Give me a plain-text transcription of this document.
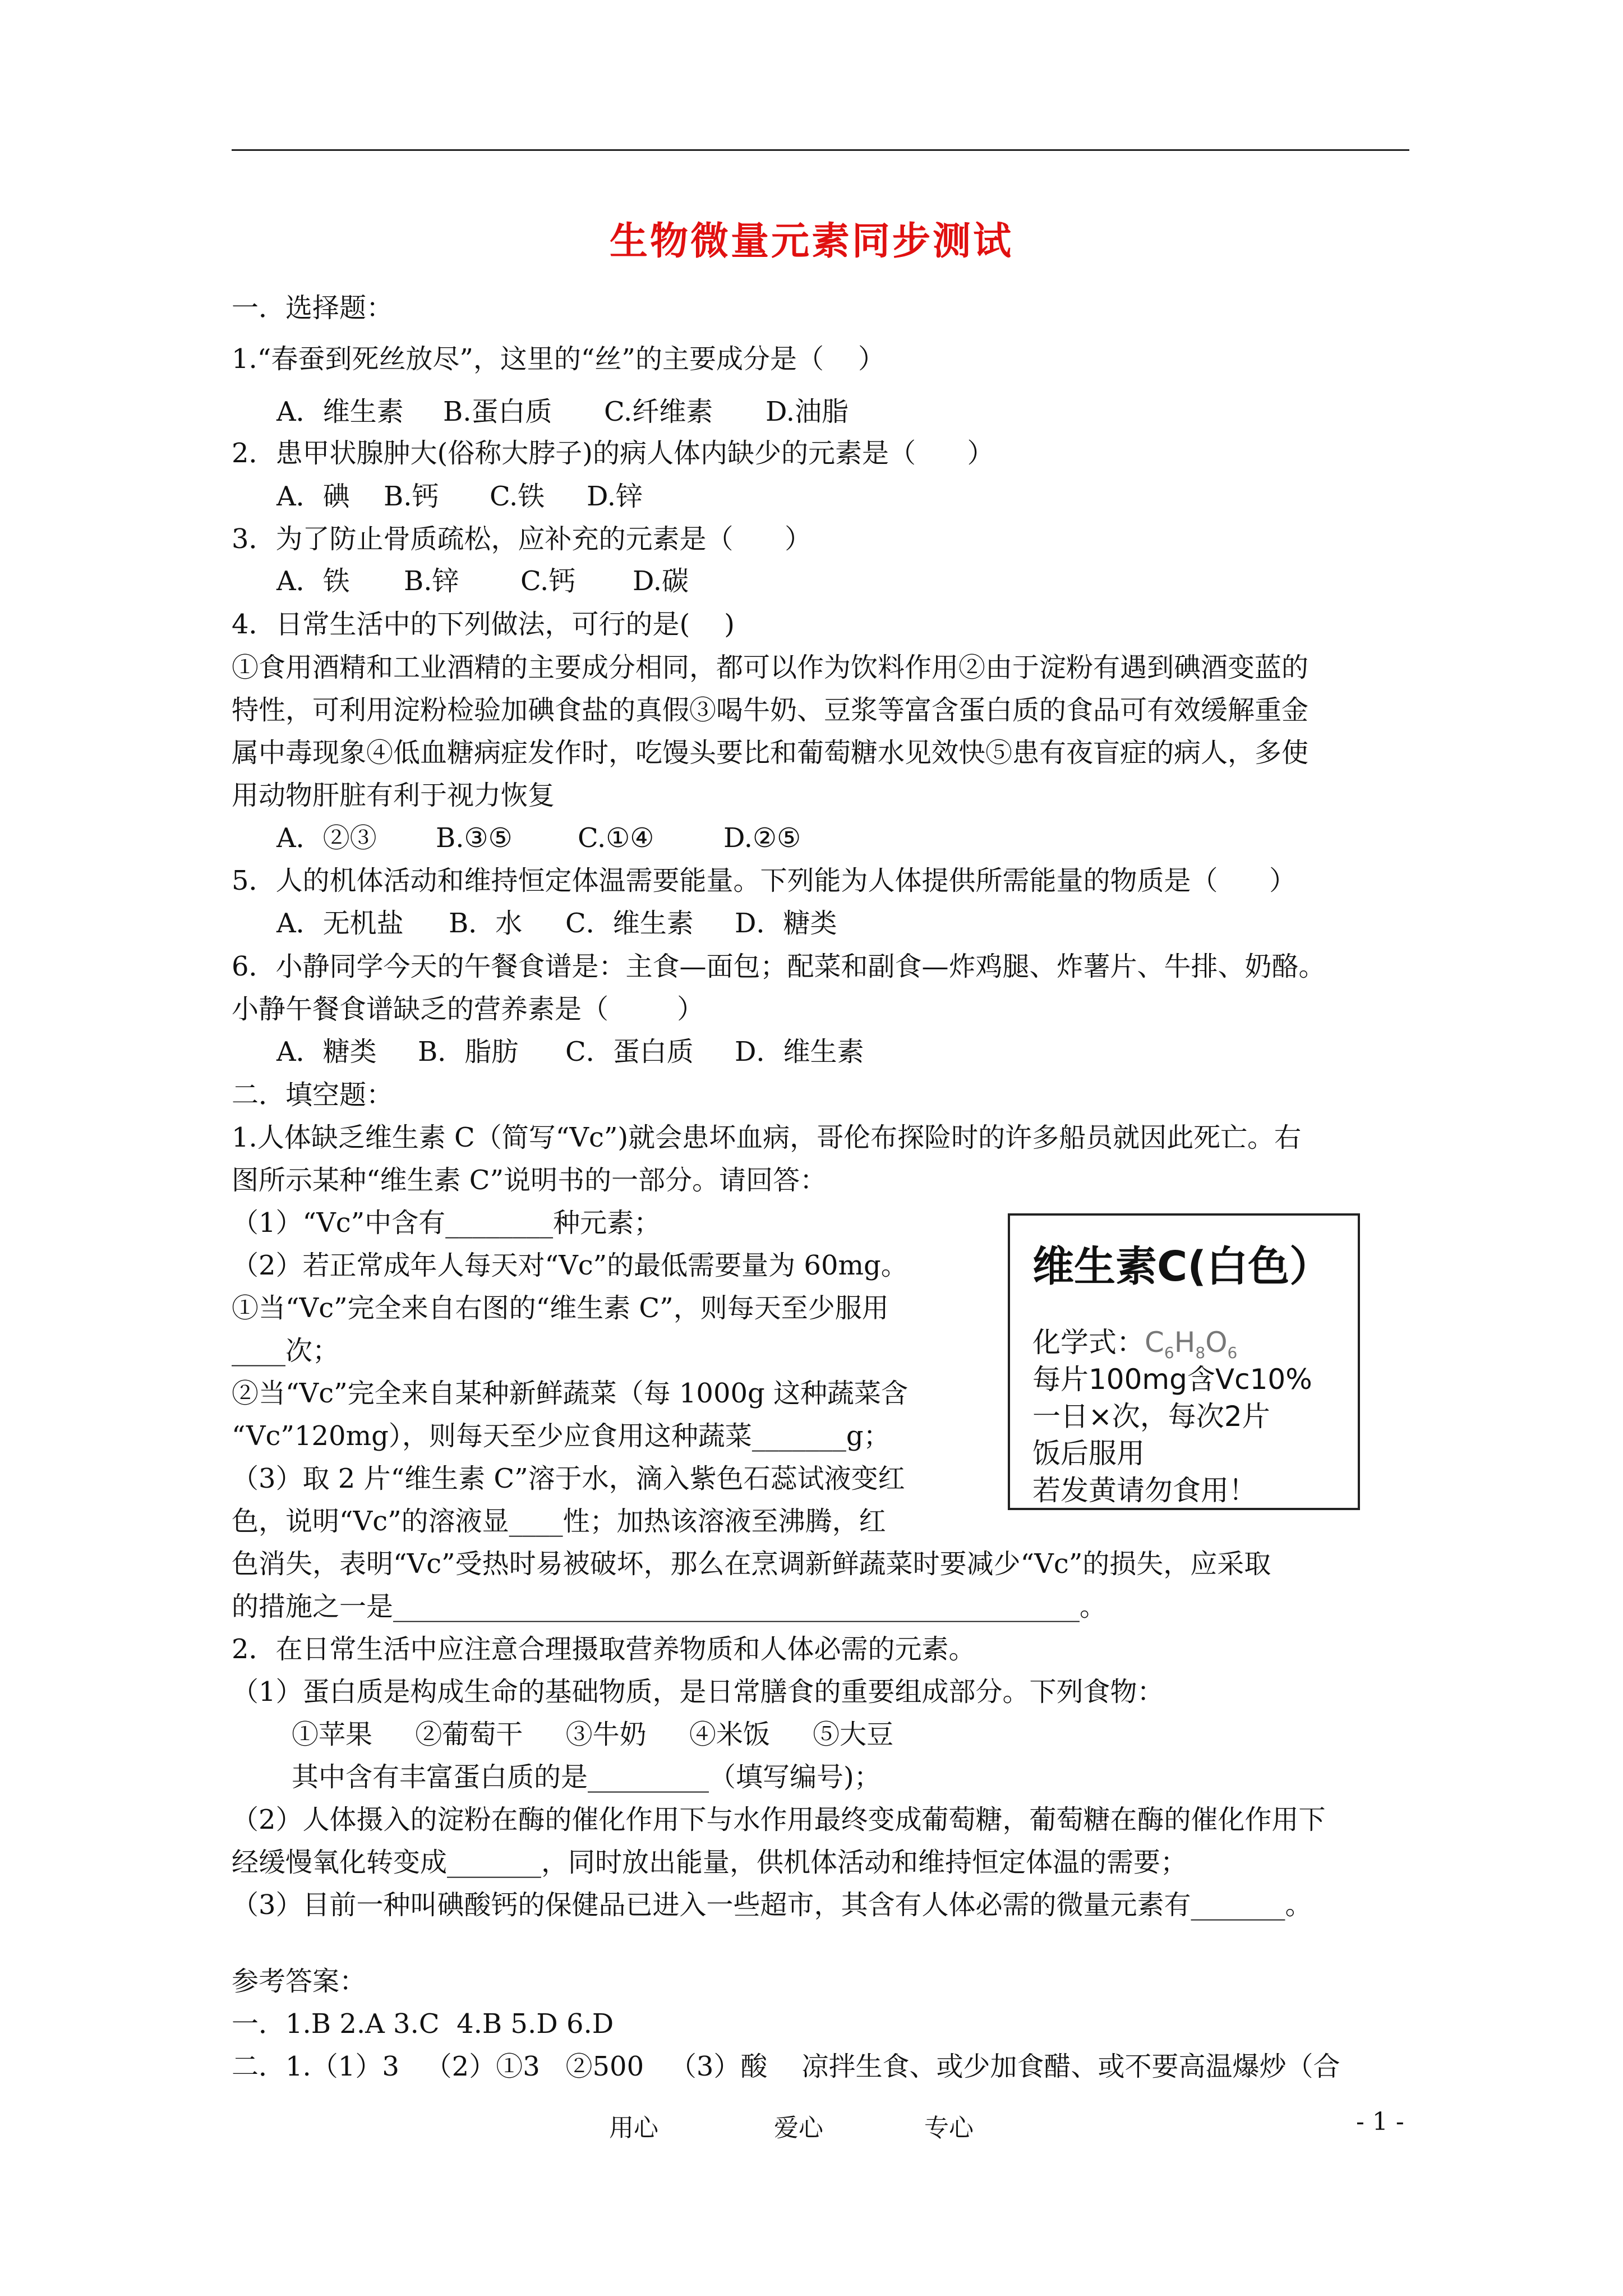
生物微量元素同步测试
一．选择题：
1.“春蚕到死丝放尽”，这里的“丝”的主要成分是（    ）
A．维生素 B.蛋白质 C.纤维素 D.油脂
2．患甲状腺肿大(俗称大脖子)的病人体内缺少的元素是（      ）
A．碘 B.钙 C.铁 D.锌
3．为了防止骨质疏松，应补充的元素是（      ）
A．铁 B.锌 C.钙 D.碳
4．日常生活中的下列做法，可行的是(    )
①食用酒精和工业酒精的主要成分相同，都可以作为饮料作用②由于淀粉有遇到碘酒变蓝的
特性，可利用淀粉检验加碘食盐的真假③喝牛奶、豆浆等富含蛋白质的食品可有效缓解重金
属中毒现象④低血糖病症发作时，吃馒头要比和葡萄糖水见效快⑤患有夜盲症的病人，多使
用动物肝脏有利于视力恢复
A．②③ B.③⑤ C.①④	D.②⑤
5．人的机体活动和维持恒定体温需要能量。下列能为人体提供所需能量的物质是（      ）
A．无机盐 B．水 C．维生素 D．糖类
6．小静同学今天的午餐食谱是：主食—面包；配菜和副食—炸鸡腿、炸薯片、牛排、奶酪。
小静午餐食谱缺乏的营养素是（        ）
A．糖类 B．脂肪 C．蛋白质 D．维生素
二．填空题：
1.人体缺乏维生素 C（简写“Vc”)就会患坏血病，哥伦布探险时的许多船员就因此死亡。右
图所示某种“维生素 C”说明书的一部分。请回答：
（1）“Vc”中含有________种元素；
（2）若正常成年人每天对“Vc”的最低需要量为 60mg。
①当“Vc”完全来自右图的“维生素 C”，则每天至少服用
____次；
②当“Vc”完全来自某种新鲜蔬菜（每 1000g 这种蔬菜含
“Vc”120mg），则每天至少应食用这种蔬菜_______g；
（3）取 2 片“维生素 C”溶于水，滴入紫色石蕊试液变红
色，说明“Vc”的溶液显____性；加热该溶液至沸腾，红
色消失，表明“Vc”受热时易被破坏，那么在烹调新鲜蔬菜时要减少“Vc”的损失，应采取
的措施之一是___________________________________________________。
维生素C(白色）
化学式：$C_6H_8O_6$
每片100mg含Vc10%
一日×次，每次2片
饭后服用
若发黄请勿食用！
2．在日常生活中应注意合理摄取营养物质和人体必需的元素。
（1）蛋白质是构成生命的基础物质，是日常膳食的重要组成部分。下列食物：
①苹果     ②葡萄干     ③牛奶     ④米饭     ⑤大豆
其中含有丰富蛋白质的是_________（填写编号)；
（2）人体摄入的淀粉在酶的催化作用下与水作用最终变成葡萄糖，葡萄糖在酶的催化作用下
经缓慢氧化转变成_______，同时放出能量，供机体活动和维持恒定体温的需要；
（3）目前一种叫碘酸钙的保健品已进入一些超市，其含有人体必需的微量元素有_______。
参考答案：
一．1.B 2.A 3.C  4.B 5.D 6.D
二．1.（1）3   （2）①3   ②500   （3）酸    凉拌生食、或少加食醋、或不要高温爆炒（合
用心	爱心	专心	- 1 -
